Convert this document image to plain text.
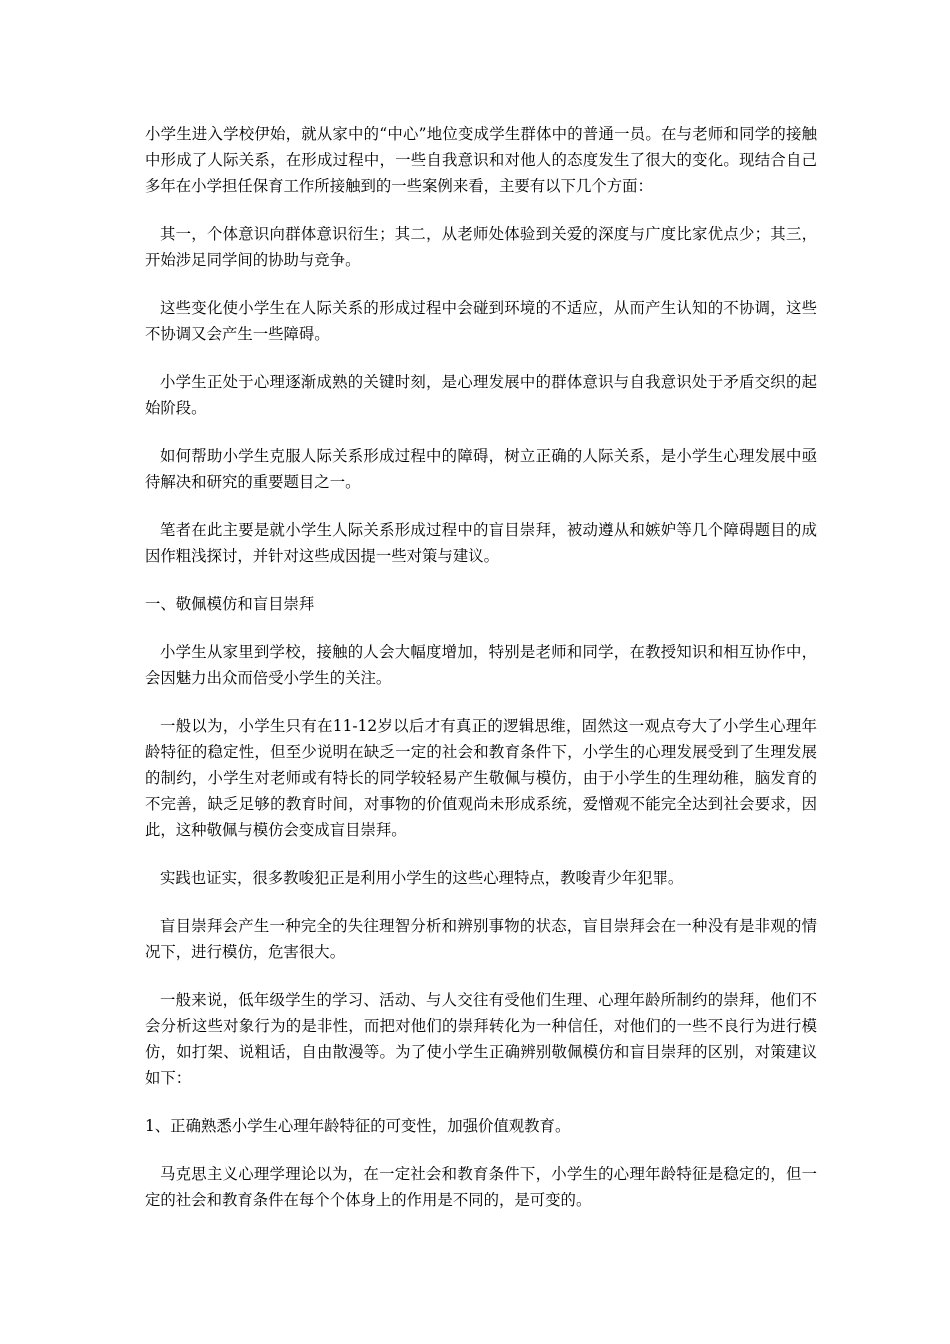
小学生进入学校伊始，就从家中的“中心”地位变成学生群体中的普通一员。在与老师和同学的接触中形成了人际关系，在形成过程中，一些自我意识和对他人的态度发生了很大的变化。现结合自己多年在小学担任保育工作所接触到的一些案例来看，主要有以下几个方面：

其一，个体意识向群体意识衍生；其二，从老师处体验到关爱的深度与广度比家优点少；其三，开始涉足同学间的协助与竞争。

这些变化使小学生在人际关系的形成过程中会碰到环境的不适应，从而产生认知的不协调，这些不协调又会产生一些障碍。

小学生正处于心理逐渐成熟的关键时刻，是心理发展中的群体意识与自我意识处于矛盾交织的起始阶段。

如何帮助小学生克服人际关系形成过程中的障碍，树立正确的人际关系，是小学生心理发展中亟待解决和研究的重要题目之一。

笔者在此主要是就小学生人际关系形成过程中的盲目崇拜，被动遵从和嫉妒等几个障碍题目的成因作粗浅探讨，并针对这些成因提一些对策与建议。

一、敬佩模仿和盲目崇拜

小学生从家里到学校，接触的人会大幅度增加，特别是老师和同学，在教授知识和相互协作中，会因魅力出众而倍受小学生的关注。

一般以为，小学生只有在11-12岁以后才有真正的逻辑思维，固然这一观点夸大了小学生心理年龄特征的稳定性，但至少说明在缺乏一定的社会和教育条件下，小学生的心理发展受到了生理发展的制约，小学生对老师或有特长的同学较轻易产生敬佩与模仿，由于小学生的生理幼稚，脑发育的不完善，缺乏足够的教育时间，对事物的价值观尚未形成系统，爱憎观不能完全达到社会要求，因此，这种敬佩与模仿会变成盲目崇拜。

实践也证实，很多教唆犯正是利用小学生的这些心理特点，教唆青少年犯罪。

盲目崇拜会产生一种完全的失往理智分析和辨别事物的状态，盲目崇拜会在一种没有是非观的情况下，进行模仿，危害很大。

一般来说，低年级学生的学习、活动、与人交往有受他们生理、心理年龄所制约的崇拜，他们不会分析这些对象行为的是非性，而把对他们的崇拜转化为一种信任，对他们的一些不良行为进行模仿，如打架、说粗话，自由散漫等。为了使小学生正确辨别敬佩模仿和盲目崇拜的区别，对策建议如下：

1、正确熟悉小学生心理年龄特征的可变性，加强价值观教育。

马克思主义心理学理论以为，在一定社会和教育条件下，小学生的心理年龄特征是稳定的，但一定的社会和教育条件在每个个体身上的作用是不同的，是可变的。
